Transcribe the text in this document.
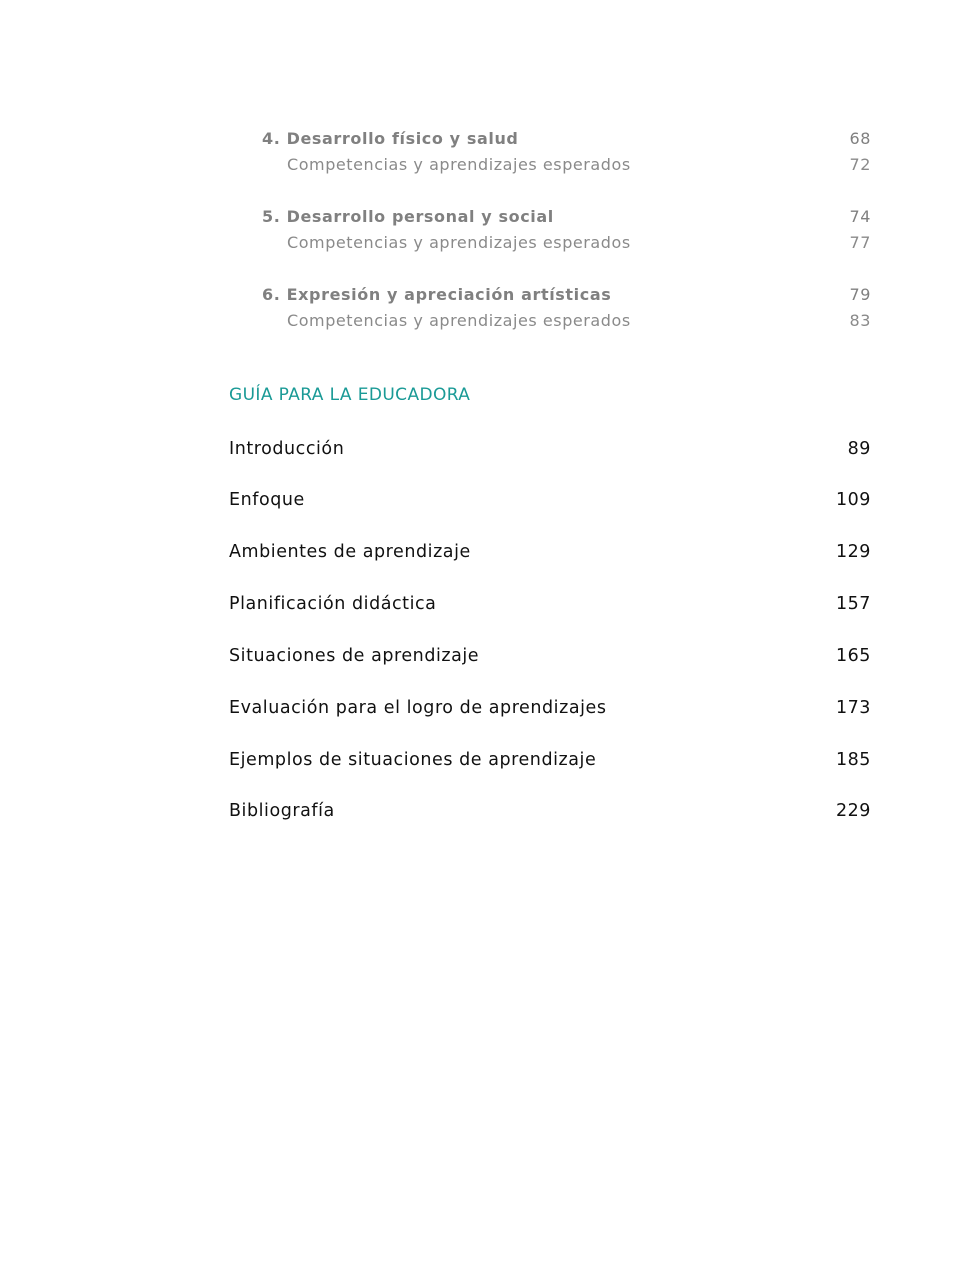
4. Desarrollo físico y salud	68
Competencias y aprendizajes esperados	72
5. Desarrollo personal y social	74
Competencias y aprendizajes esperados	77
6. Expresión y apreciación artísticas	79
Competencias y aprendizajes esperados	83
GUÍA PARA LA EDUCADORA
Introducción	89
Enfoque	109
Ambientes de aprendizaje	129
Planificación didáctica	157
Situaciones de aprendizaje	165
Evaluación para el logro de aprendizajes	173
Ejemplos de situaciones de aprendizaje	185
Bibliografía	229
